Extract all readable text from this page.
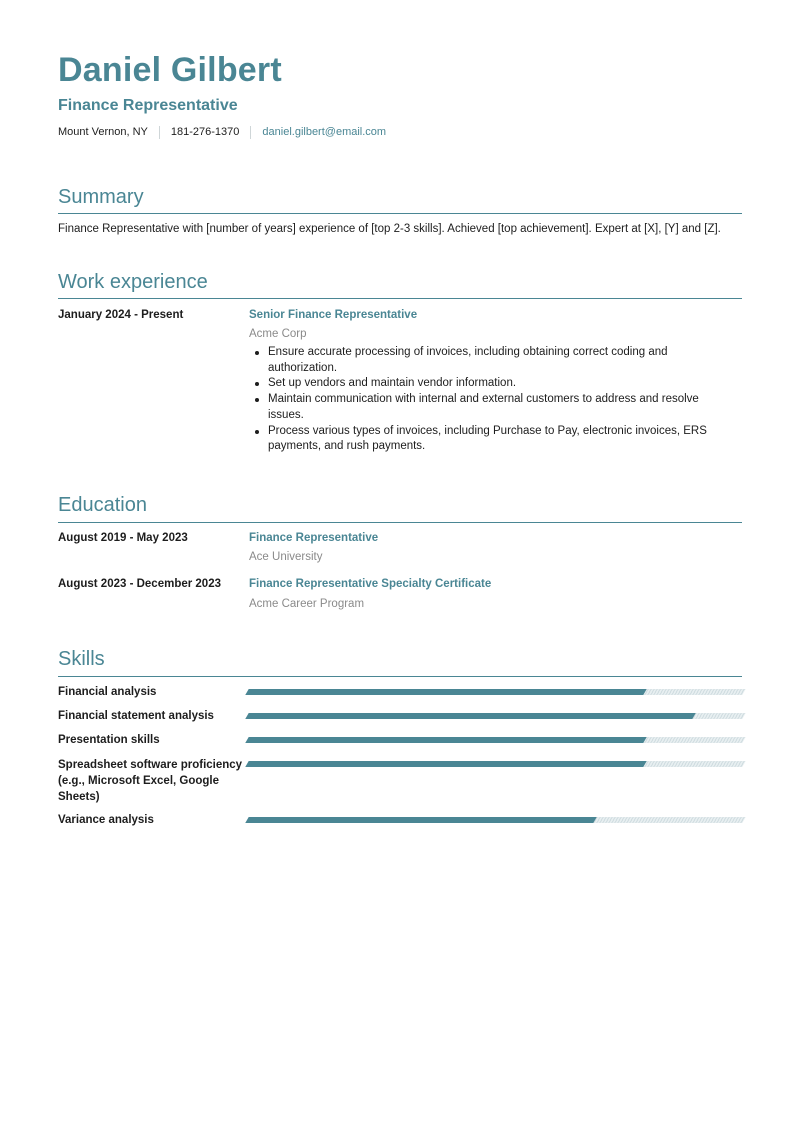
Daniel Gilbert
Finance Representative
Mount Vernon, NY 181-276-1370 daniel.gilbert@email.com
Summary
Finance Representative with [number of years] experience of [top 2-3 skills]. Achieved [top achievement]. Expert at [X], [Y] and [Z].
Work experience
January 2024 - Present	Senior Finance Representative
Acme Corp
Ensure accurate processing of invoices, including obtaining correct coding and authorization.
Set up vendors and maintain vendor information.
Maintain communication with internal and external customers to address and resolve issues.
Process various types of invoices, including Purchase to Pay, electronic invoices, ERS payments, and rush payments.
Education
August 2019 - May 2023	Finance Representative
Ace University
August 2023 - December 2023 Finance Representative Specialty Certificate
Acme Career Program
Skills
Financial analysis
Financial statement analysis
Presentation skills
Spreadsheet software proficiency (e.g., Microsoft Excel, Google Sheets)
Variance analysis
